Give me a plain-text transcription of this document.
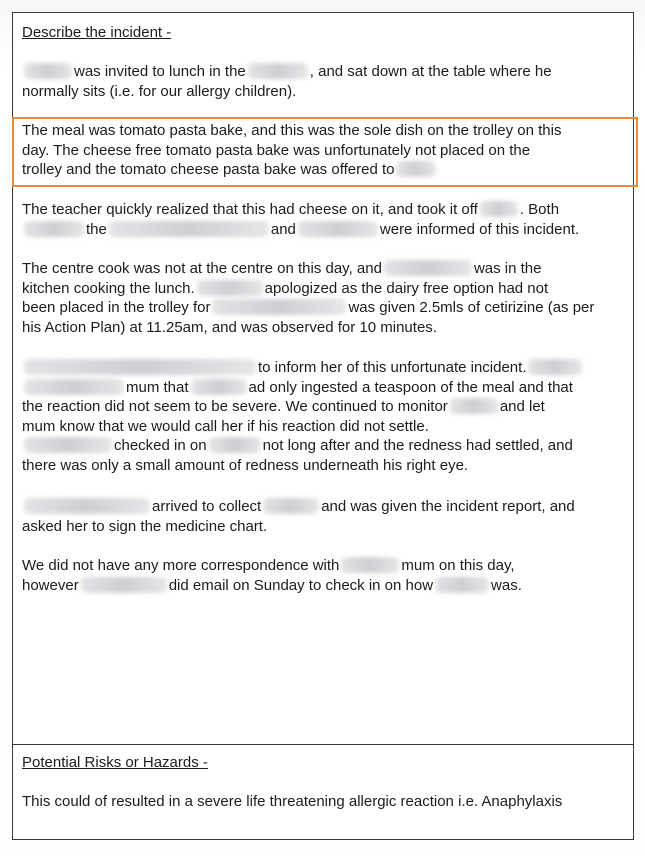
Describe the incident -
was invited to lunch in the	, and sat down at the table where he
normally sits (i.e. for our allergy children).
The meal was tomato pasta bake, and this was the sole dish on the trolley on this
day. The cheese free tomato pasta bake was unfortunately not placed on the
trolley and the tomato cheese pasta bake was offered to
The teacher quickly realized that this had cheese on it, and took it off	. Both
the	and	were informed of this incident.
The centre cook was not at the centre on this day, and	was in the
kitchen cooking the lunch.	apologized as the dairy free option had not
been placed in the trolley for	was given 2.5mls of cetirizine (as per
his Action Plan) at 11.25am, and was observed for 10 minutes.
to inform her of this unfortunate incident.
mum that	ad only ingested a teaspoon of the meal and that
the reaction did not seem to be severe. We continued to monitor	and let
mum know that we would call her if his reaction did not settle.
checked in on	not long after and the redness had settled, and
there was only a small amount of redness underneath his right eye.
arrived to collect	and was given the incident report, and
asked her to sign the medicine chart.
We did not have any more correspondence with	mum on this day,
however	did email on Sunday to check in on how	was.
Potential Risks or Hazards -
This could of resulted in a severe life threatening allergic reaction i.e. Anaphylaxis
